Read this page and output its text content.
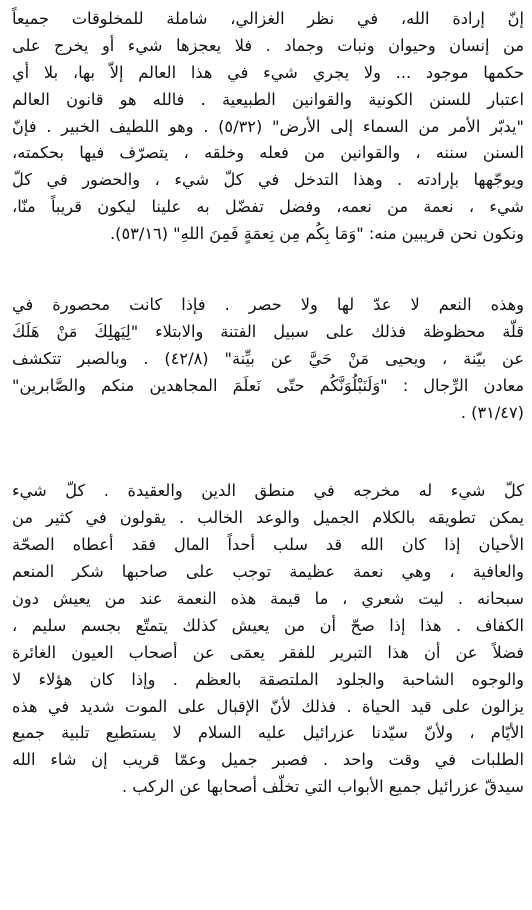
إنّ إرادة الله، في نظر الغزالي، شاملة للمخلوقات جميعاً
من إنسان وحيوان ونبات وجماد . فلا يعجزها شيء أو يخرج على
حكمها موجود ... ولا يجري شيء في هذا العالم إلاّ بها، بلا أي
اعتبار للسنن الكونية والقوانين الطبيعية . فالله هو قانون العالم
"يدبّر الأمر من السماء إلى الأرض" (٥/٣٢) . وهو اللطيف الخبير . فإنّ
السنن سننه ، والقوانين من فعله وخلقه ، يتصرّف فيها بحكمته،
ويوجّهها بإرادته . وهذا التدخل في كلّ شيء ، والحضور في كلّ
شيء ، نعمة من نعمه، وفضل تفضّل به علينا ليكون قريباً منّا،
ونكون نحن قريبين منه: "وَمَا بِكُم مِن نِعمَةٍ فَمِنَ اللهِ" (٥٣/١٦).
وهذه النعم لا عدّ لها ولا حصر . فإذا كانت محصورة في
قلّة محظوظة فذلك على سبيل الفتنة والابتلاء "لِيَهلِكَ مَنْ هَلَكَ
عن بيّنة ، ويحيى مَنْ حَيَّ عن بيِّنة" (٤٢/٨) . وبالصبر تتكشف
معادن الرِّجال : "وَلَنَبْلُوَنَّكُم حتّى نَعلَمَ المجاهدين منكم والصَّابرين"
(٣١/٤٧) .
كلّ شيء له مخرجه في منطق الدين والعقيدة . كلّ شيء
يمكن تطويقه بالكلام الجميل والوعد الخالب . يقولون في كثير من
الأحيان إذا كان الله قد سلب أحداً المال فقد أعطاه الصحّة
والعافية ، وهي نعمة عظيمة توجب على صاحبها شكر المنعم
سبحانه . ليت شعري ، ما قيمة هذه النعمة عند من يعيش دون
الكفاف . هذا إذا صحّ أن من يعيش كذلك يتمتّع بجسم سليم ،
فضلاً عن أن هذا التبرير للفقر يعمَى عن أصحاب العيون الغائرة
والوجوه الشاحبة والجلود الملتصقة بالعظم . وإذا كان هؤلاء لا
يزالون على قيد الحياة . فذلك لأنّ الإقبال على الموت شديد في هذه
الأيّام ، ولأنّ سيّدنا عزرائيل عليه السلام لا يستطيع تلبية جميع
الطلبات في وقت واحد . فصبر جميل وعمّا قريب إن شاء الله
سيدقّ عزرائيل جميع الأبواب التي تخلّف أصحابها عن الركب .
